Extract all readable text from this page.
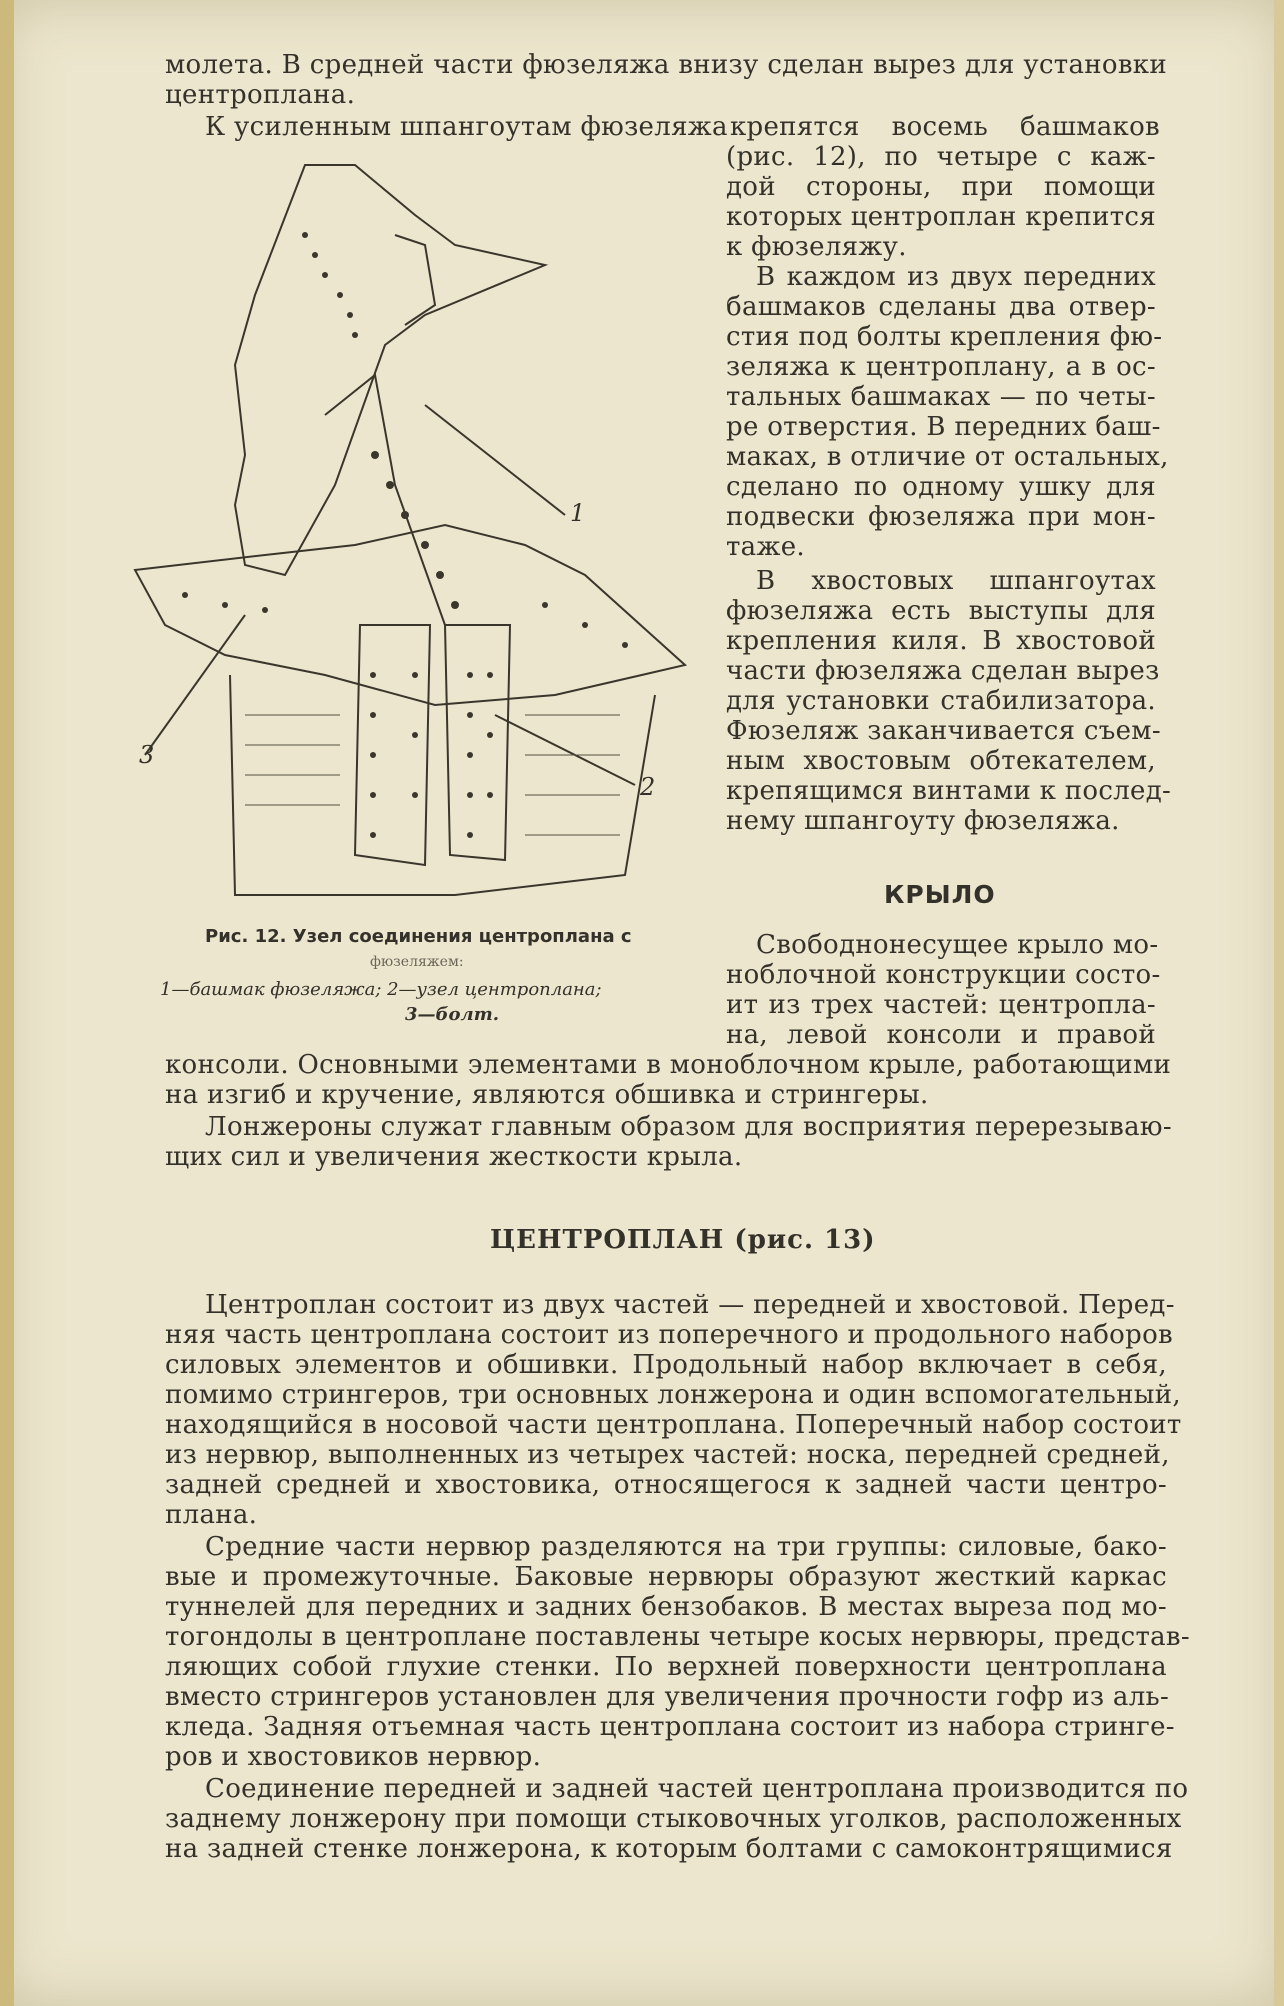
молета. В средней части фюзеляжа внизу сделан вырез для установки

центроплана.

К усиленным шпангоутам фюзеляжа крепятся восемь башмаков

(рис. 12), по четыре с каж-

дой стороны, при помощи

которых центроплан крепится

к фюзеляжу.

В каждом из двух передних

башмаков сделаны два отвер-

стия под болты крепления фю-

зеляжа к центроплану, а в ос-

тальных башмаках — по четы-

ре отверстия. В передних баш-

маках, в отличие от остальных,

сделано по одному ушку для

подвески фюзеляжа при мон-

таже.

В хвостовых шпангоутах

фюзеляжа есть выступы для

крепления киля. В хвостовой

части фюзеляжа сделан вырез

для установки стабилизатора.

Фюзеляж заканчивается съем-

ным хвостовым обтекателем,

крепящимся винтами к послед-

нему шпангоуту фюзеляжа.

1
2
3

Рис. 12. Узел соединения центроплана с

фюзеляжем:

1—башмак фюзеляжа; 2—узел центроплана;

3—болт.

КРЫЛО

Свободнонесущее крыло мо-

ноблочной конструкции состо-

ит из трех частей: центропла-

на, левой консоли и правой

консоли. Основными элементами в моноблочном крыле, работающими

на изгиб и кручение, являются обшивка и стрингеры.

Лонжероны служат главным образом для восприятия перерезываю-

щих сил и увеличения жесткости крыла.

ЦЕНТРОПЛАН (рис. 13)

Центроплан состоит из двух частей — передней и хвостовой. Перед-

няя часть центроплана состоит из поперечного и продольного наборов

силовых элементов и обшивки. Продольный набор включает в себя,

помимо стрингеров, три основных лонжерона и один вспомогательный,

находящийся в носовой части центроплана. Поперечный набор состоит

из нервюр, выполненных из четырех частей: носка, передней средней,

задней средней и хвостовика, относящегося к задней части центро-

плана.

Средние части нервюр разделяются на три группы: силовые, бако-

вые и промежуточные. Баковые нервюры образуют жесткий каркас

туннелей для передних и задних бензобаков. В местах выреза под мо-

тогондолы в центроплане поставлены четыре косых нервюры, представ-

ляющих собой глухие стенки. По верхней поверхности центроплана

вместо стрингеров установлен для увеличения прочности гофр из аль-

кледа. Задняя отъемная часть центроплана состоит из набора стринге-

ров и хвостовиков нервюр.

Соединение передней и задней частей центроплана производится по

заднему лонжерону при помощи стыковочных уголков, расположенных

на задней стенке лонжерона, к которым болтами с самоконтрящимися
